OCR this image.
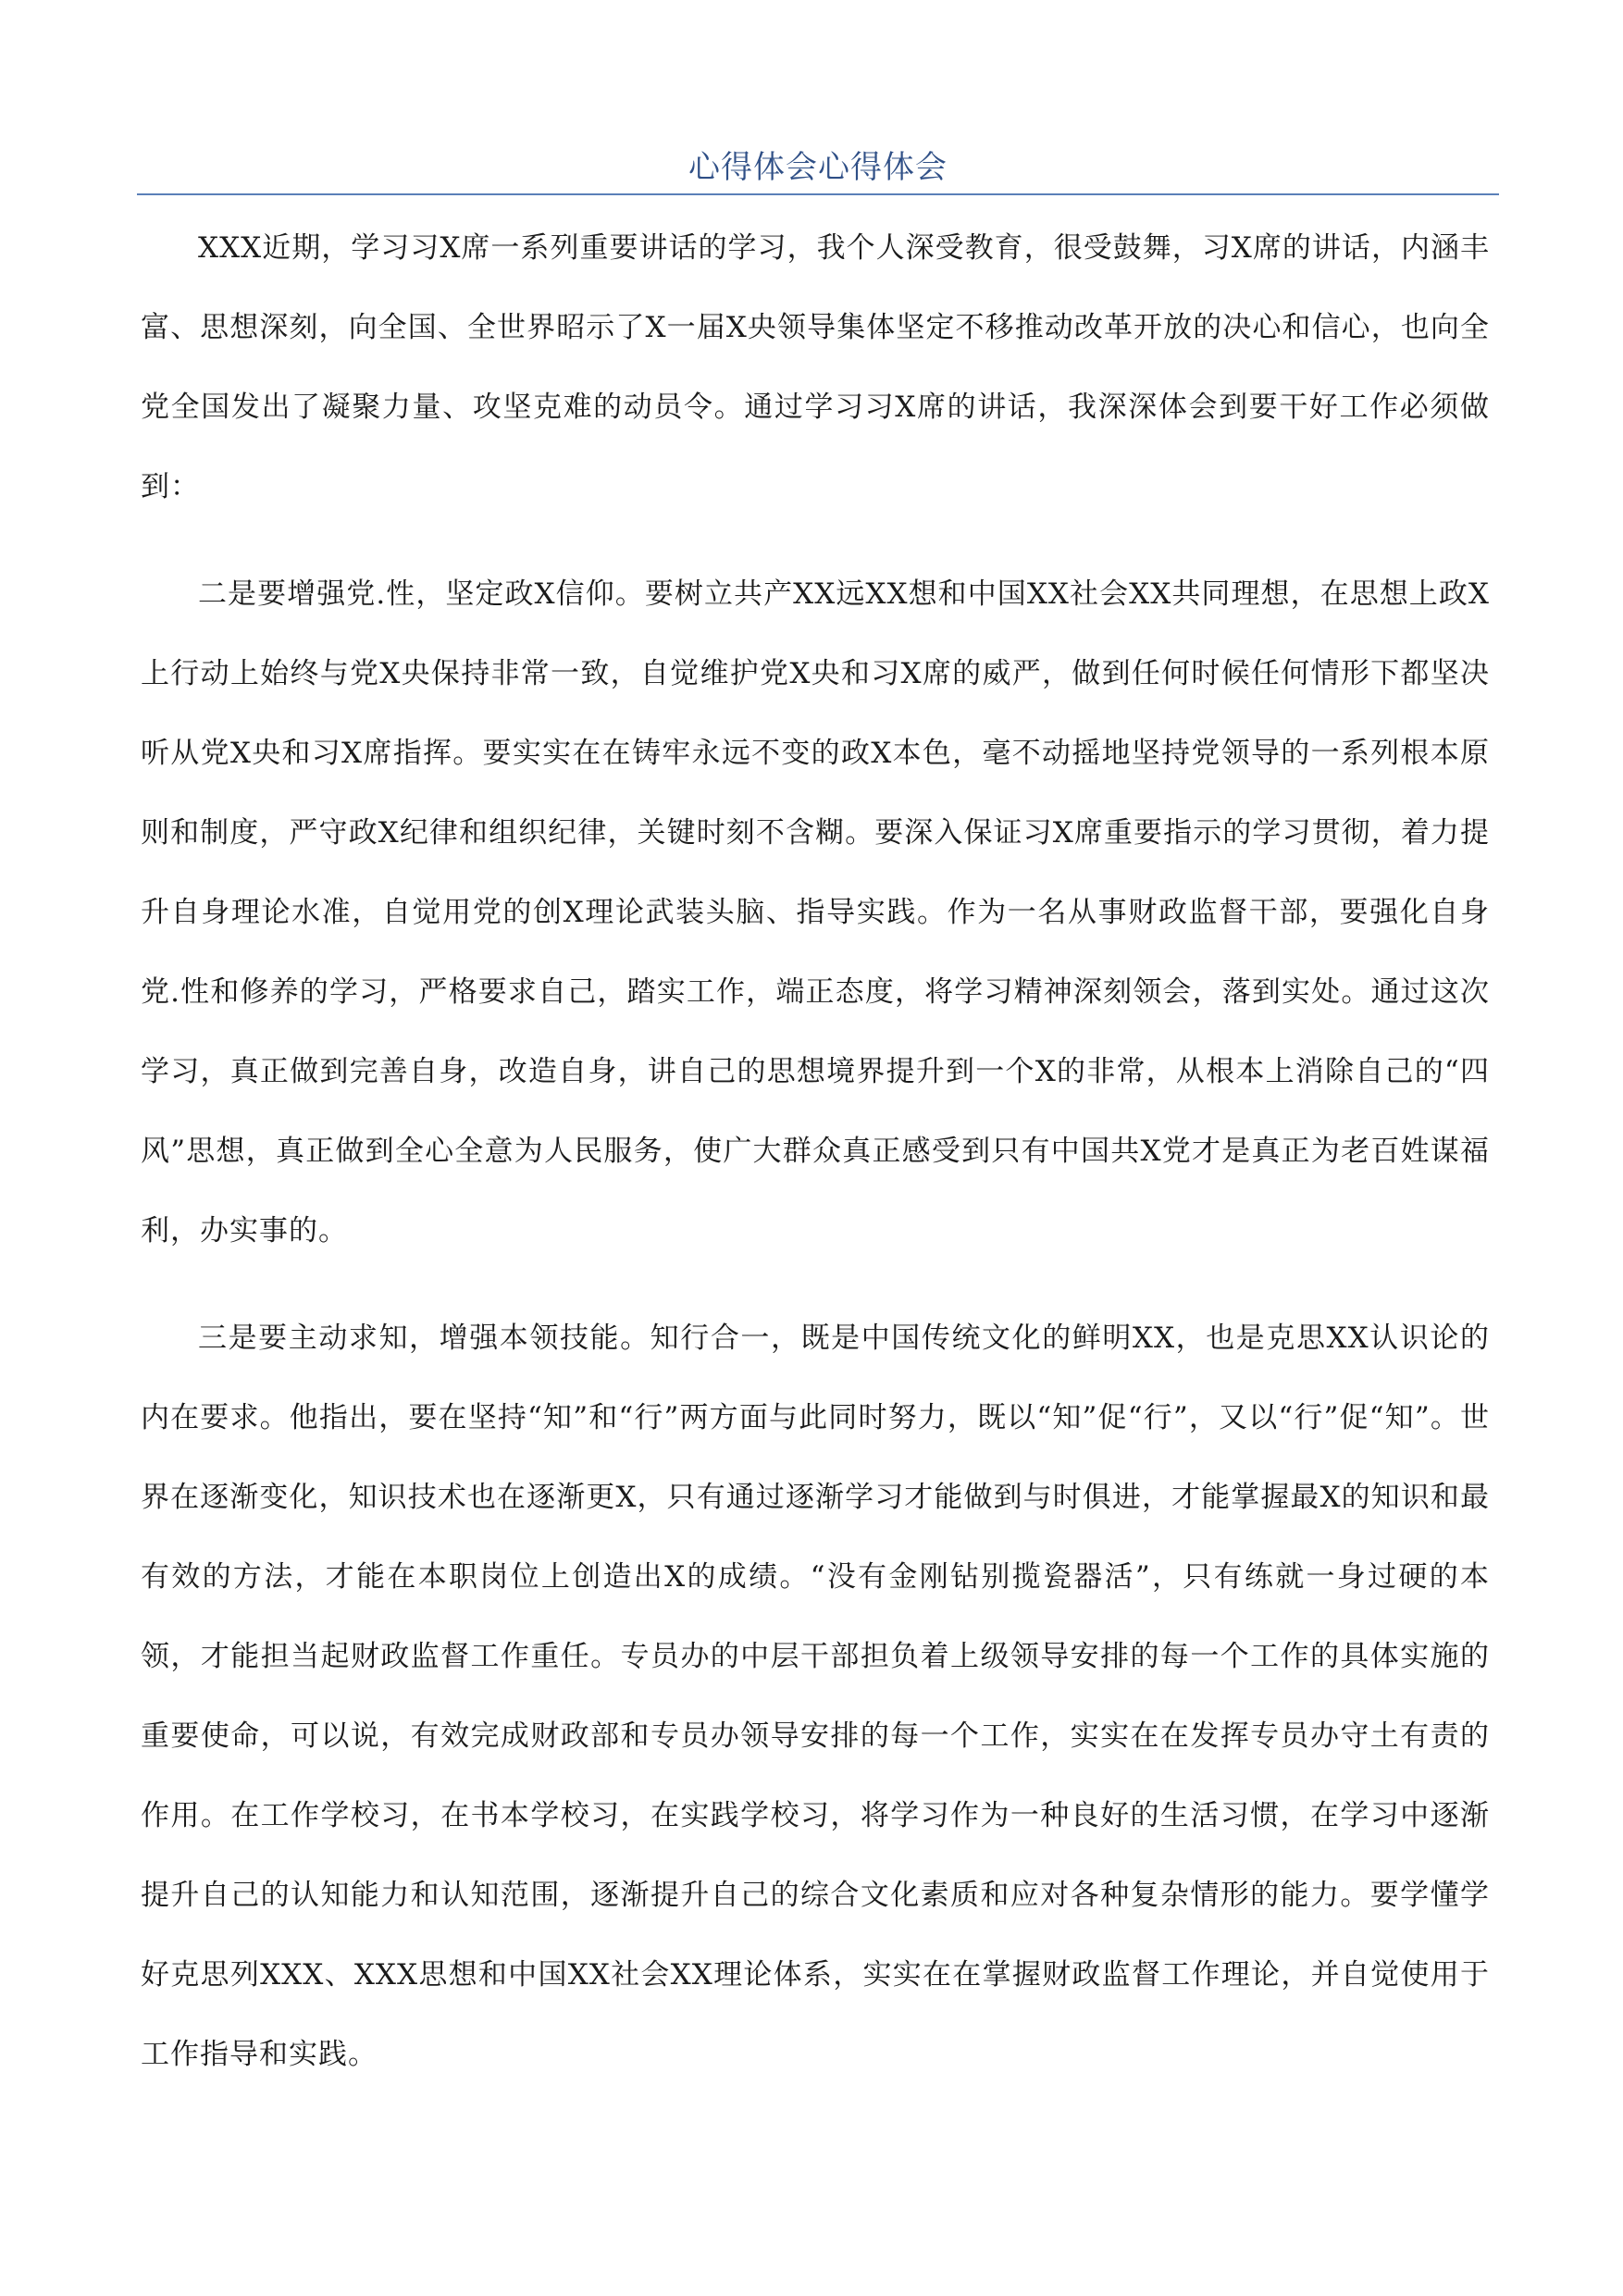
心得体会心得体会

XXX近期，学习习X席一系列重要讲话的学习，我个人深受教育，很受鼓舞，习X席的讲话，内涵丰富、思想深刻，向全国、全世界昭示了X一届X央领导集体坚定不移推动改革开放的决心和信心，也向全党全国发出了凝聚力量、攻坚克难的动员令。通过学习习X席的讲话，我深深体会到要干好工作必须做到：

二是要增强党.性，坚定政X信仰。要树立共产XX远XX想和中国XX社会XX共同理想，在思想上政X上行动上始终与党X央保持非常一致，自觉维护党X央和习X席的威严，做到任何时候任何情形下都坚决听从党X央和习X席指挥。要实实在在铸牢永远不变的政X本色，毫不动摇地坚持党领导的一系列根本原则和制度，严守政X纪律和组织纪律，关键时刻不含糊。要深入保证习X席重要指示的学习贯彻，着力提升自身理论水准，自觉用党的创X理论武装头脑、指导实践。作为一名从事财政监督干部，要强化自身党.性和修养的学习，严格要求自己，踏实工作，端正态度，将学习精神深刻领会，落到实处。通过这次学习，真正做到完善自身，改造自身，讲自己的思想境界提升到一个X的非常，从根本上消除自己的“四风”思想，真正做到全心全意为人民服务，使广大群众真正感受到只有中国共X党才是真正为老百姓谋福利，办实事的。

三是要主动求知，增强本领技能。知行合一，既是中国传统文化的鲜明XX，也是克思XX认识论的内在要求。他指出，要在坚持“知”和“行”两方面与此同时努力，既以“知”促“行”，又以“行”促“知”。世界在逐渐变化，知识技术也在逐渐更X，只有通过逐渐学习才能做到与时俱进，才能掌握最X的知识和最有效的方法，才能在本职岗位上创造出X的成绩。“没有金刚钻别揽瓷器活”，只有练就一身过硬的本领，才能担当起财政监督工作重任。专员办的中层干部担负着上级领导安排的每一个工作的具体实施的重要使命，可以说，有效完成财政部和专员办领导安排的每一个工作，实实在在发挥专员办守土有责的作用。在工作学校习，在书本学校习，在实践学校习，将学习作为一种良好的生活习惯，在学习中逐渐提升自己的认知能力和认知范围，逐渐提升自己的综合文化素质和应对各种复杂情形的能力。要学懂学好克思列XXX、XXX思想和中国XX社会XX理论体系，实实在在掌握财政监督工作理论，并自觉使用于工作指导和实践。
